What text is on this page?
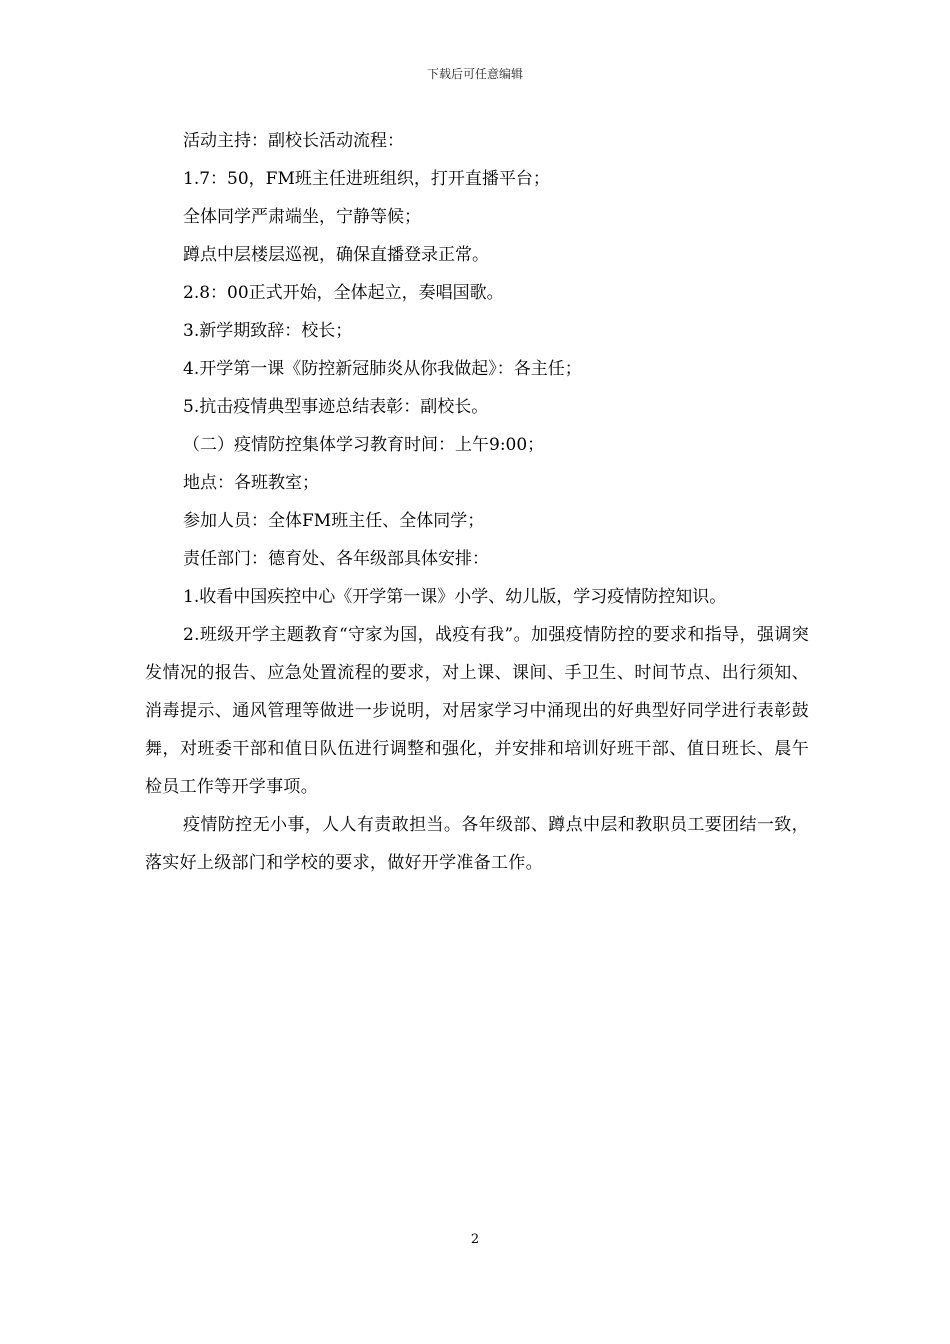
下载后可任意编辑
活动主持：副校长活动流程：
1.7：50，FM班主任进班组织，打开直播平台；
全体同学严肃端坐，宁静等候；
蹲点中层楼层巡视，确保直播登录正常。
2.8：00正式开始，全体起立，奏唱国歌。
3.新学期致辞：校长；
4.开学第一课《防控新冠肺炎从你我做起》：各主任；
5.抗击疫情典型事迹总结表彰：副校长。
（二）疫情防控集体学习教育时间：上午9:00；
地点：各班教室；
参加人员：全体FM班主任、全体同学；
责任部门：德育处、各年级部具体安排：
1.收看中国疾控中心《开学第一课》小学、幼儿版，学习疫情防控知识。
2.班级开学主题教育“守家为国，战疫有我”。加强疫情防控的要求和指导，强调突发情况的报告、应急处置流程的要求，对上课、课间、手卫生、时间节点、出行须知、消毒提示、通风管理等做进一步说明，对居家学习中涌现出的好典型好同学进行表彰鼓舞，对班委干部和值日队伍进行调整和强化，并安排和培训好班干部、值日班长、晨午检员工作等开学事项。
疫情防控无小事，人人有责敢担当。各年级部、蹲点中层和教职员工要团结一致，落实好上级部门和学校的要求，做好开学准备工作。
2
